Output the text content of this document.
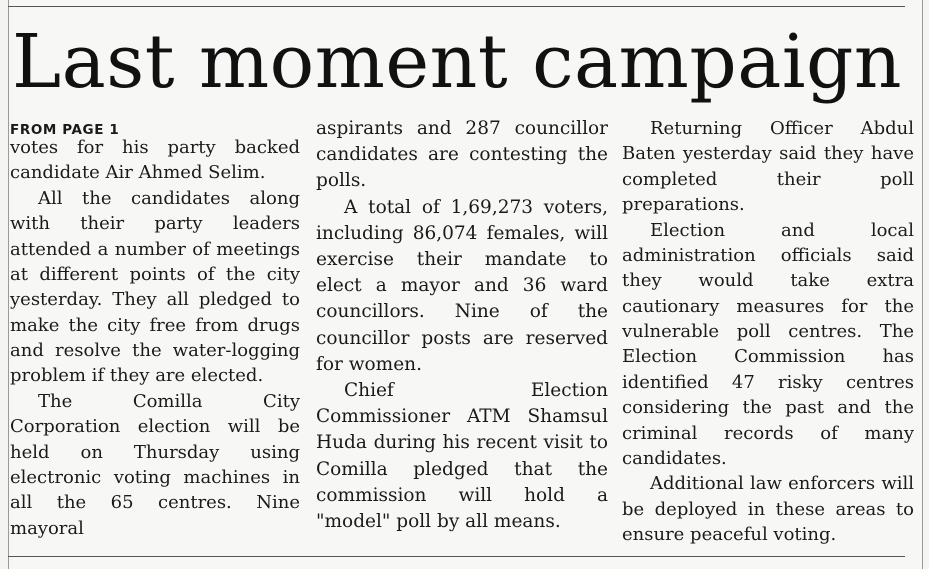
Last moment campaign
FROM PAGE 1

votes for his party backed candidate Air Ahmed Selim.

All the candidates along with their party leaders attended a number of meetings at different points of the city yesterday. They all pledged to make the city free from drugs and resolve the water-logging problem if they are elected.

The Comilla City Corporation election will be held on Thursday using electronic voting machines in all the 65 centres. Nine mayoral

aspirants and 287 councillor candidates are contesting the polls.

A total of 1,69,273 voters, including 86,074 females, will exercise their mandate to elect a mayor and 36 ward councillors. Nine of the councillor posts are reserved for women.

Chief Election Commissioner ATM Shamsul Huda during his recent visit to Comilla pledged that the commission will hold a "model" poll by all means.

Returning Officer Abdul Baten yesterday said they have completed their poll preparations.

Election and local administration officials said they would take extra cautionary measures for the vulnerable poll centres. The Election Commission has identified 47 risky centres considering the past and the criminal records of many candidates.

Additional law enforcers will be deployed in these areas to ensure peaceful voting.
